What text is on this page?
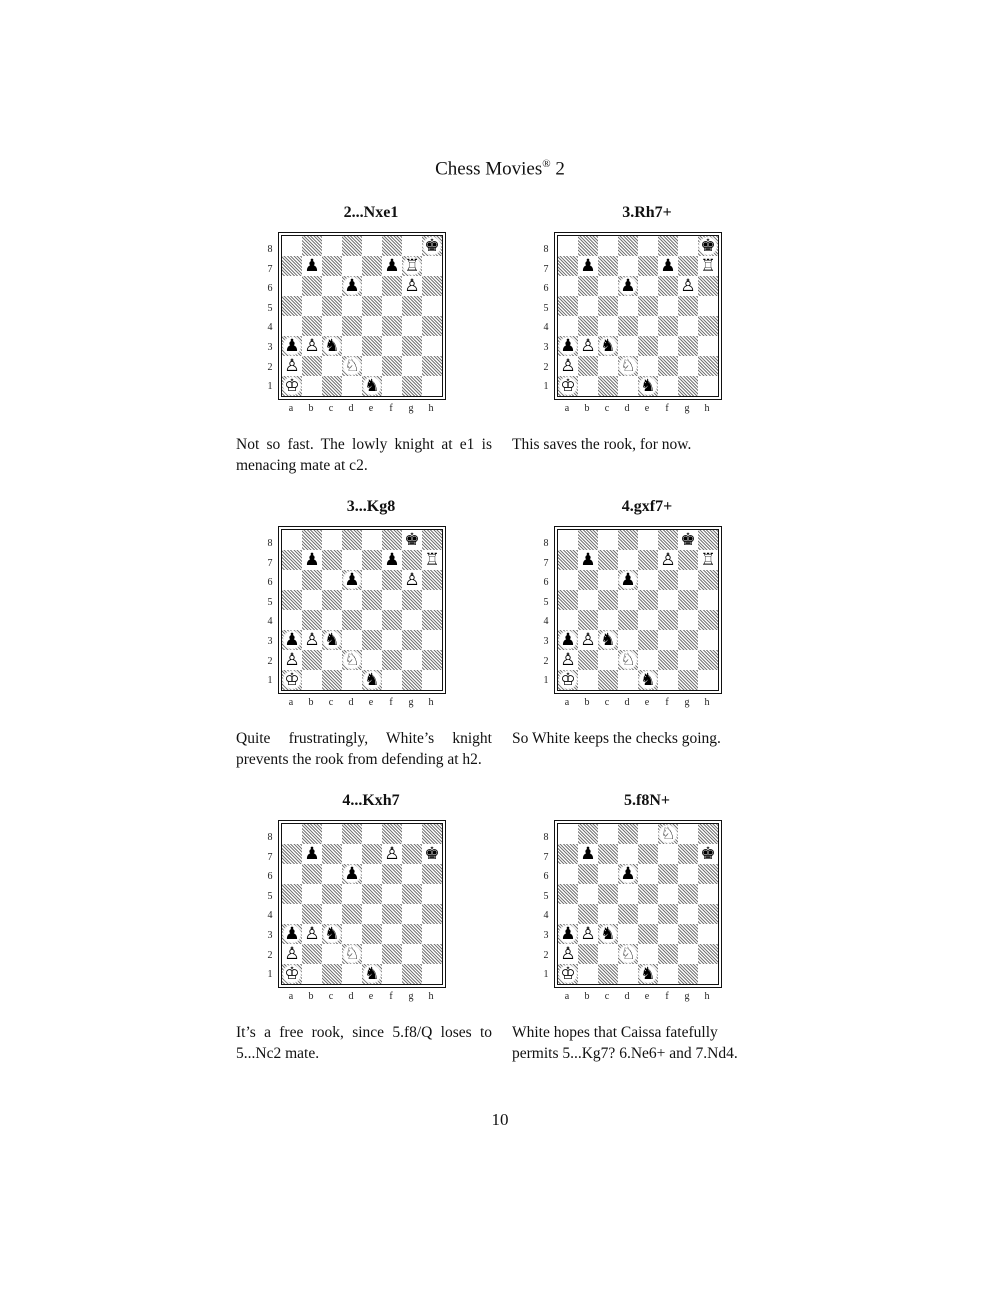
Chess Movies® 2
2...Nxe1
8
7
6
5
4
3
2
1
♚
♟	♟ ♖
♟	♙
♟ ♙ ♞
♙	♘
♔	♞
a	b	c	d	e	f	g	h
Not so fast. The lowly knight at e1 is menacing mate at c2.
3.Rh7+
8
7
6
5
4
3
2
1
♚
♟	♟ ♖
♟	♙
♟ ♙ ♞
♙	♘
♔	♞
a	b	c	d	e	f	g	h
This saves the rook, for now.
3...Kg8
8
7
6
5
4
3
2
1
♚
♟	♟ ♖
♟	♙
♟ ♙ ♞
♙	♘
♔	♞
a	b	c	d	e	f	g	h
Quite frustratingly, White’s knight prevents the rook from defending at h2.
4.gxf7+
8
7
6
5
4
3
2
1
♚
♟	♙ ♖
♟
♟ ♙ ♞
♙	♘
♔	♞
a	b	c	d	e	f	g	h
So White keeps the checks going.
4...Kxh7
8
7
6
5
4
3
2
1
♟	♙ ♚
♟
♟ ♙ ♞
♙	♘
♔	♞
a	b	c	d	e	f	g	h
It’s a free rook, since 5.f8/Q loses to 5...Nc2 mate.
5.f8N+
8
7
6
5
4
3
2
1
♘
♟	♚
♟
♟ ♙ ♞
♙	♘
♔	♞
a	b	c	d	e	f	g	h
White hopes that Caissa fatefully permits 5...Kg7? 6.Ne6+ and 7.Nd4.
10
